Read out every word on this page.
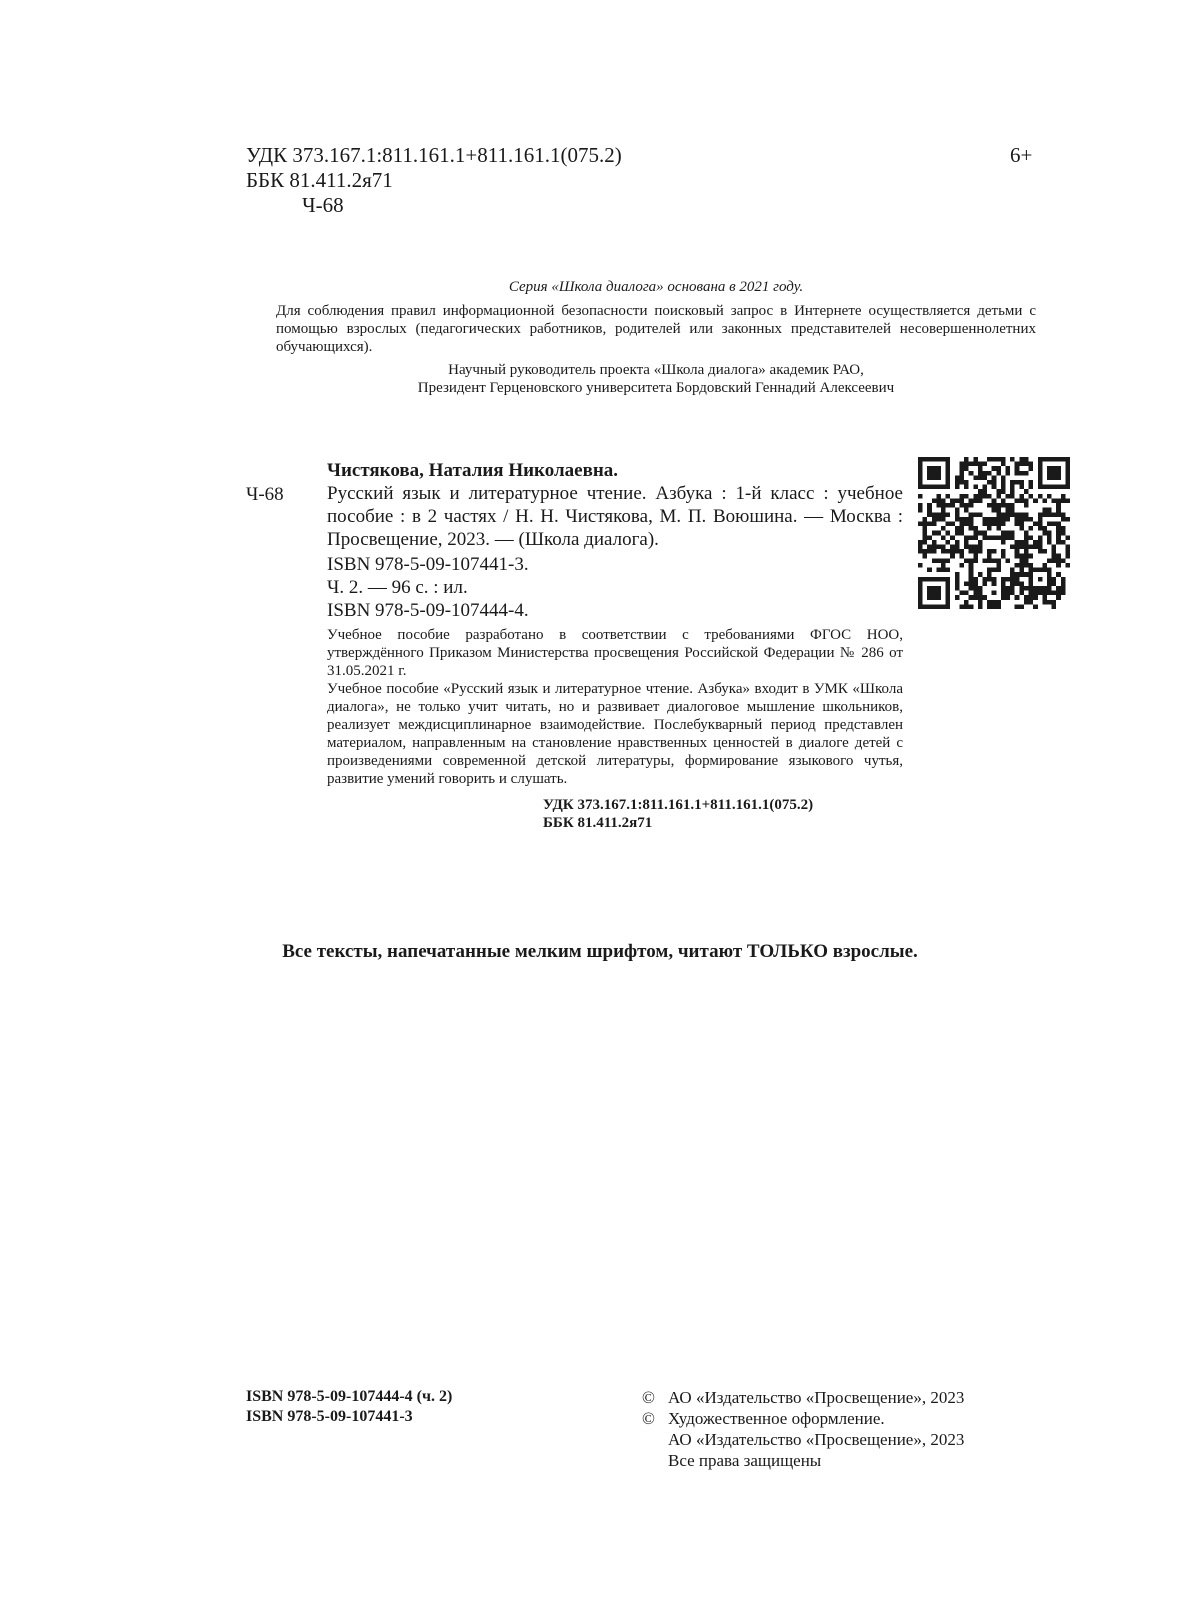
УДК 373.167.1:811.161.1+811.161.1(075.2)
ББК 81.411.2я71
Ч-68
6+
Серия «Школа диалога» основана в 2021 году.
Для соблюдения правил информационной безопасности поисковый запрос в Интернете осуществляется детьми с помощью взрослых (педагогических работников, родителей или законных представителей несовершеннолетних обучающихся).
Научный руководитель проекта «Школа диалога» академик РАО,
Президент Герценовского университета Бордовский Геннадий Алексеевич
Ч-68
Чистякова, Наталия Николаевна.
Русский язык и литературное чтение. Азбука : 1-й класс : учебное пособие : в 2 частях / Н. Н. Чистякова, М. П. Воюшина. — Москва : Просвещение, 2023. — (Школа диалога).
ISBN 978-5-09-107441-3.
Ч. 2. — 96 с. : ил.
ISBN 978-5-09-107444-4.

Учебное пособие разработано в соответствии с требованиями ФГОС НОО, утверждённого Приказом Министерства просвещения Российской Федерации № 286 от 31.05.2021 г.

Учебное пособие «Русский язык и литературное чтение. Азбука» входит в УМК «Школа диалога», не только учит читать, но и развивает диалоговое мышление школьников, реализует междисциплинарное взаимодействие. Послебукварный период представлен материалом, направленным на становление нравственных ценностей в диалоге детей с произведениями современной детской литературы, формирование языкового чутья, развитие умений говорить и слушать.

УДК 373.167.1:811.161.1+811.161.1(075.2)
ББК 81.411.2я71
Все тексты, напечатанные мелким шрифтом, читают ТОЛЬКО взрослые.
ISBN 978-5-09-107444-4 (ч. 2)
ISBN 978-5-09-107441-3
© АО «Издательство «Просвещение», 2023
© Художественное оформление.
АО «Издательство «Просвещение», 2023
Все права защищены
